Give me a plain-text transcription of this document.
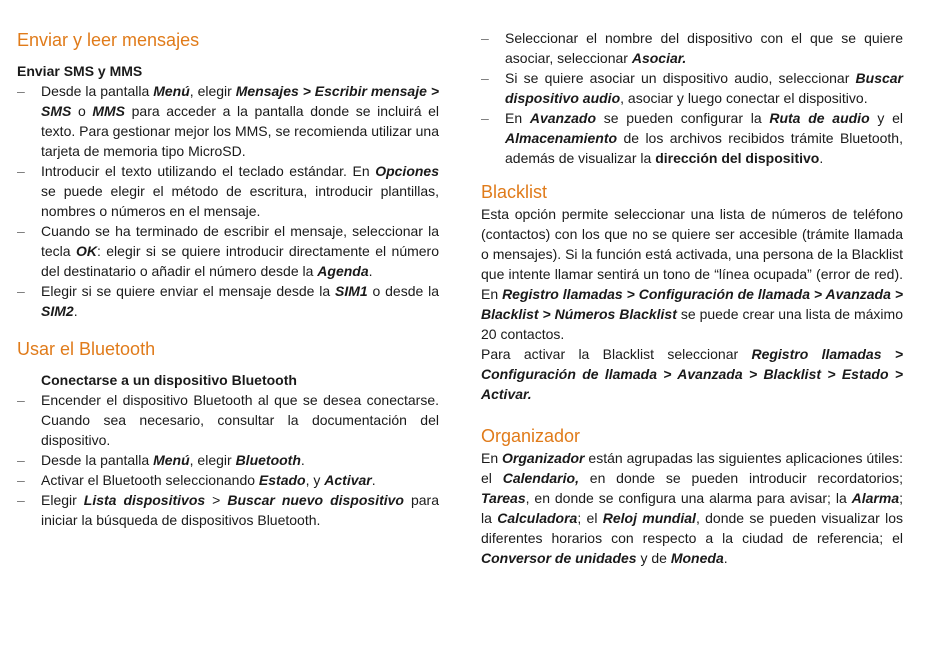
Enviar y leer mensajes
Enviar SMS y MMS
– Desde la pantalla Menú, elegir Mensajes > Escribir mensaje > SMS o MMS para acceder a la pantalla donde se incluirá el texto. Para gestionar mejor los MMS, se recomienda utilizar una tarjeta de memoria tipo MicroSD.
– Introducir el texto utilizando el teclado estándar. En Opciones se puede elegir el método de escritura, introducir plantillas, nombres o números en el mensaje.
– Cuando se ha terminado de escribir el mensaje, seleccionar la tecla OK: elegir si se quiere introducir directamente el número del destinatario o añadir el número desde la Agenda.
– Elegir si se quiere enviar el mensaje desde la SIM1 o desde la SIM2.
Usar el Bluetooth
Conectarse a un dispositivo Bluetooth
– Encender el dispositivo Bluetooth al que se desea conectarse. Cuando sea necesario, consultar la documentación del dispositivo.
– Desde la pantalla Menú, elegir Bluetooth.
– Activar el Bluetooth seleccionando Estado, y Activar.
– Elegir Lista dispositivos > Buscar nuevo dispositivo para iniciar la búsqueda de dispositivos Bluetooth.
– Seleccionar el nombre del dispositivo con el que se quiere asociar, seleccionar Asociar.
– Si se quiere asociar un dispositivo audio, seleccionar Buscar dispositivo audio, asociar y luego conectar el dispositivo.
– En Avanzado se pueden configurar la Ruta de audio y el Almacenamiento de los archivos recibidos trámite Bluetooth, además de visualizar la dirección del dispositivo.
Blacklist

Esta opción permite seleccionar una lista de números de teléfono (contactos) con los que no se quiere ser accesible (trámite llamada o mensajes). Si la función está activada, una persona de la Blacklist que intente llamar sentirá un tono de “línea ocupada” (error de red). En Registro llamadas > Configuración de llamada > Avanzada > Blacklist > Números Blacklist se puede crear una lista de máximo 20 contactos.

Para activar la Blacklist seleccionar Registro llamadas > Configuración de llamada > Avanzada > Blacklist > Estado > Activar.

Organizador

En Organizador están agrupadas las siguientes aplicaciones útiles: el Calendario, en donde se pueden introducir recordatorios; Tareas, en donde se configura una alarma para avisar; la Alarma; la Calculadora; el Reloj mundial, donde se pueden visualizar los diferentes horarios con respecto a la ciudad de referencia; el Conversor de unidades y de Moneda.
